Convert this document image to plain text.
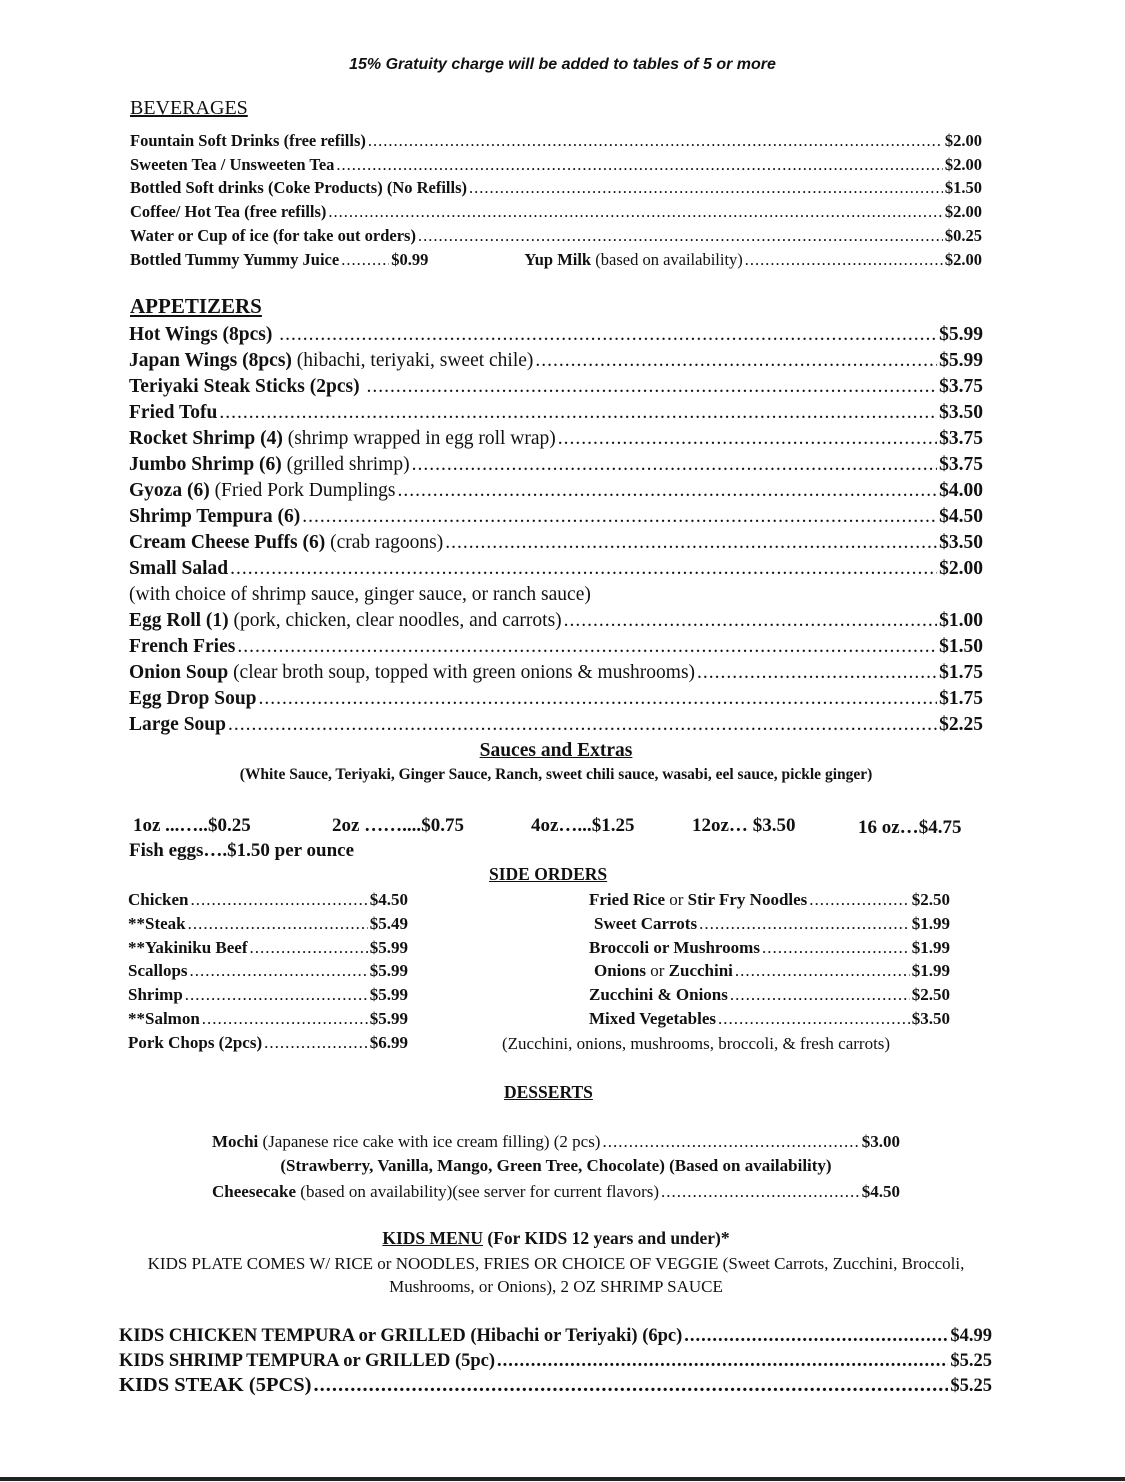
15% Gratuity charge will be added to tables of 5 or more
BEVERAGES
Fountain Soft Drinks (free refills) .....	$2.00
Sweeten Tea / Unsweeten Tea .....	$2.00
Bottled Soft drinks (Coke Products) (No Refills) .....	$1.50
Coffee/ Hot Tea (free refills) .....	$2.00
Water or Cup of ice (for take out orders) .....	$0.25
Bottled Tummy Yummy Juice .....	$0.99	Yup Milk
(based on availability) .....	$2.00
APPETIZERS
Hot Wings (8pcs)
.....	$5.99
Japan Wings (8pcs)
(hibachi, teriyaki, sweet chile) .....	$5.99
Teriyaki Steak Sticks (2pcs)
.....	$3.75
Fried Tofu .....	$3.50
Rocket Shrimp (4)
(shrimp wrapped in egg roll wrap) .....	$3.75
Jumbo Shrimp (6)
(grilled shrimp) .....	$3.75
Gyoza (6)
(Fried Pork Dumplings .....	$4.00
Shrimp Tempura (6) .....	$4.50
Cream Cheese Puffs (6)
(crab ragoons) .....	$3.50
Small Salad .....	$2.00
(with choice of shrimp sauce, ginger sauce, or ranch sauce)
Egg Roll (1)
(pork, chicken, clear noodles, and carrots) .....	$1.00
French Fries .....	$1.50
Onion Soup
(clear broth soup, topped with green onions & mushrooms) .....	$1.75
Egg Drop Soup .....	$1.75
Large Soup .....	$2.25
Sauces and Extras
(White Sauce, Teriyaki, Ginger Sauce, Ranch, sweet chili sauce, wasabi, eel sauce, pickle ginger)
1oz ...…..$0.25	2oz ……....$0.75	4oz…...$1.25	12oz… $3.50	16 oz…$4.75
Fish eggs….$1.50 per ounce
SIDE ORDERS
Chicken .....	$4.50
**Steak .....	$5.49
**Yakiniku Beef .....	$5.99
Scallops .....	$5.99
Shrimp .....	$5.99
**Salmon .....	$5.99
Pork Chops (2pcs) .....	$6.99
Fried Rice
or
Stir Fry Noodles .....	$2.50
Sweet Carrots .....	$1.99
Broccoli or Mushrooms .....	$1.99
Onions
or
Zucchini .....	$1.99
Zucchini & Onions .....	$2.50
Mixed Vegetables .....	$3.50
(Zucchini, onions, mushrooms, broccoli, & fresh carrots)
DESSERTS
Mochi
(Japanese rice cake with ice cream filling) (2 pcs) .....	$3.00
(Strawberry, Vanilla, Mango, Green Tree, Chocolate) (Based on availability)
Cheesecake
(based on availability)(see server for current flavors) .....	$4.50
KIDS MENU (For KIDS 12 years and under)*
KIDS PLATE COMES W/ RICE or NOODLES, FRIES OR CHOICE OF VEGGIE (Sweet Carrots, Zucchini, Broccoli,
Mushrooms, or Onions), 2 OZ SHRIMP SAUCE
KIDS CHICKEN TEMPURA or GRILLED (Hibachi or Teriyaki) (6pc) .....	$4.99
KIDS SHRIMP TEMPURA or GRILLED (5pc) .....	$5.25
KIDS STEAK (5PCS) .....	$5.25
